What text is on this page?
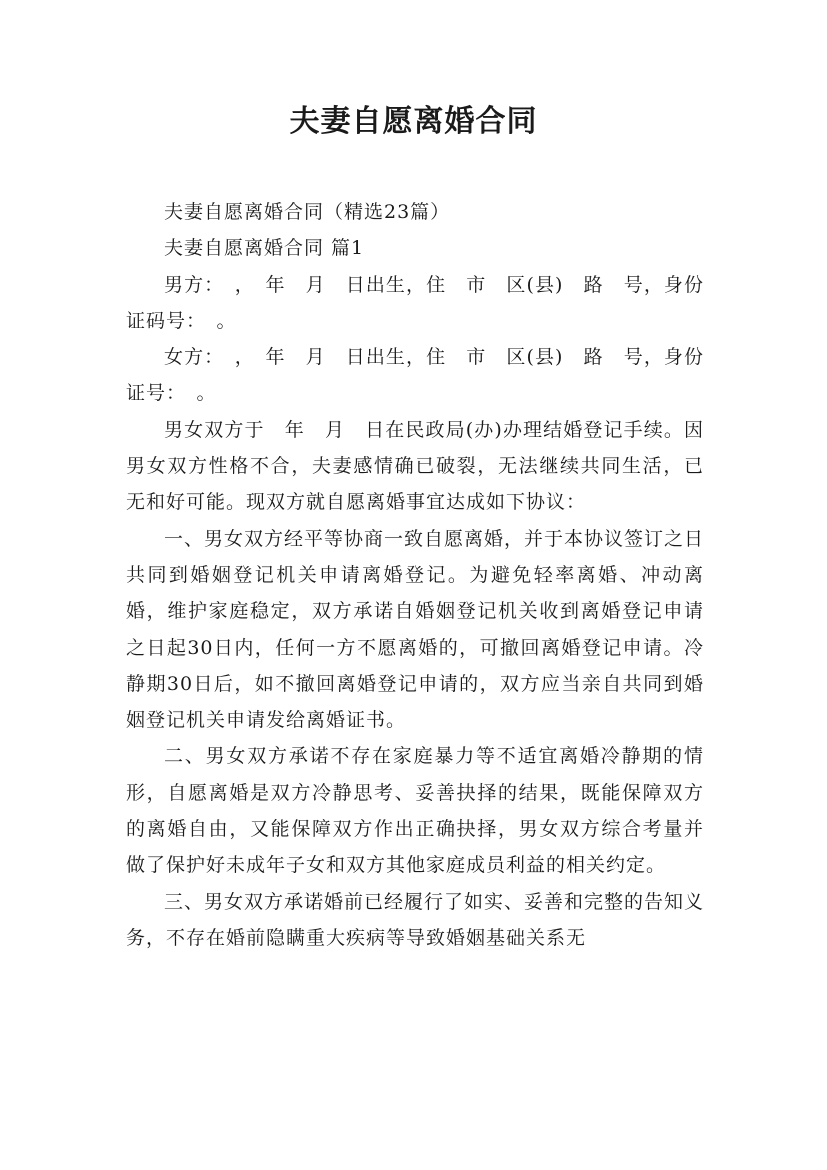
夫妻自愿离婚合同

夫妻自愿离婚合同（精选23篇）

夫妻自愿离婚合同 篇1

男方：　，　年　月　日出生，住　市　区(县)　路　号，身份证码号：　。

女方：　，　年　月　日出生，住　市　区(县)　路　号，身份证号：　。

男女双方于　年　月　日在民政局(办)办理结婚登记手续。因男女双方性格不合，夫妻感情确已破裂，无法继续共同生活，已无和好可能。现双方就自愿离婚事宜达成如下协议：

一、男女双方经平等协商一致自愿离婚，并于本协议签订之日共同到婚姻登记机关申请离婚登记。为避免轻率离婚、冲动离婚，维护家庭稳定，双方承诺自婚姻登记机关收到离婚登记申请之日起30日内，任何一方不愿离婚的，可撤回离婚登记申请。冷静期30日后，如不撤回离婚登记申请的，双方应当亲自共同到婚姻登记机关申请发给离婚证书。

二、男女双方承诺不存在家庭暴力等不适宜离婚冷静期的情形，自愿离婚是双方冷静思考、妥善抉择的结果，既能保障双方的离婚自由，又能保障双方作出正确抉择，男女双方综合考量并做了保护好未成年子女和双方其他家庭成员利益的相关约定。

三、男女双方承诺婚前已经履行了如实、妥善和完整的告知义务，不存在婚前隐瞒重大疾病等导致婚姻基础关系无
